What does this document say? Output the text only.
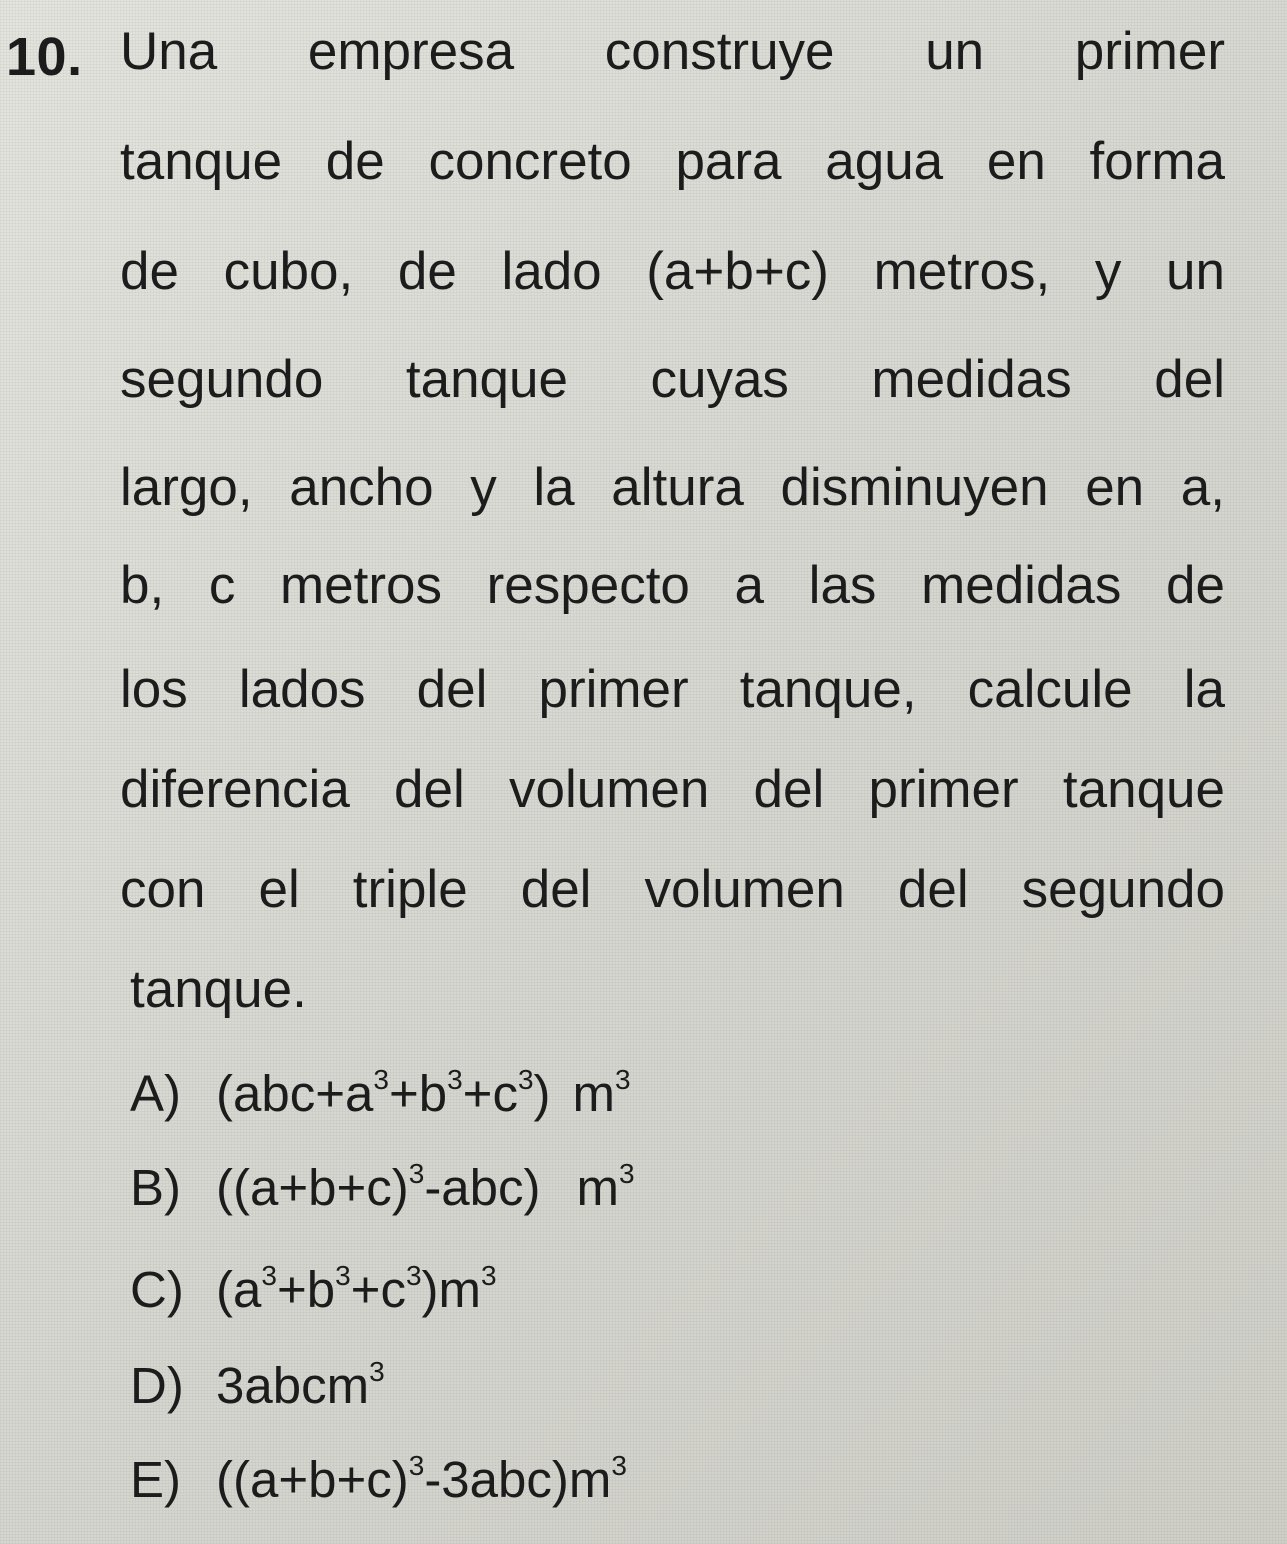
10. Una empresa construye un primer
tanque de concreto para agua en forma
de cubo, de lado (a+b+c) metros, y un
segundo tanque cuyas medidas del
largo, ancho y la altura disminuyen en a,
b, c metros respecto a las medidas de
los lados del primer tanque, calcule la
diferencia del volumen del primer tanque
con el triple del volumen del segundo
tanque.
A) $(abc+a^3+b^3+c^3)$ $m^3$
B) $((a+b+c)^3-abc)$ $m^3$
C) $(a^3+b^3+c^3)m^3$
D) 3abcm$^3$
E) $((a+b+c)^3-3abc)m^3$
